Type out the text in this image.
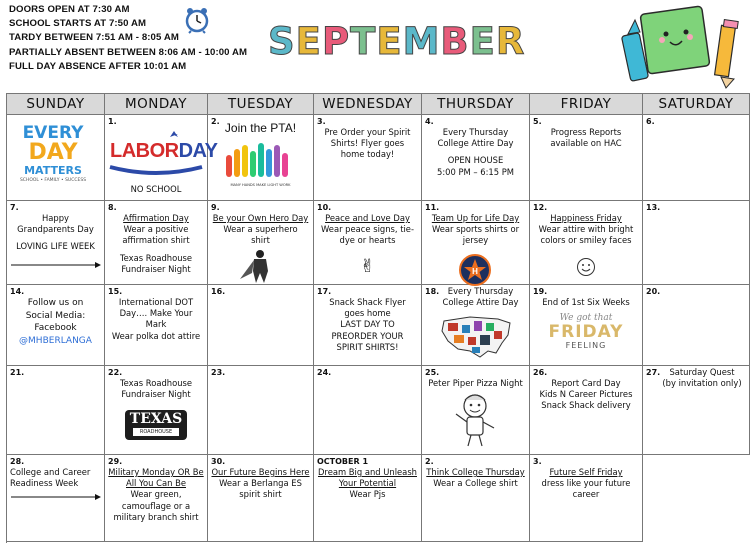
DOORS OPEN AT 7:30 AM
SCHOOL STARTS AT 7:50 AM
TARDY BETWEEN 7:51 AM - 8:05 AM
PARTIALLY ABSENT BETWEEN 8:06 AM - 10:00 AM
FULL DAY ABSENCE AFTER 10:01 AM
SEPTEMBER
SUNDAY	MONDAY	TUESDAY	WEDNESDAY	THURSDAY	FRIDAY	SATURDAY
EVERY
DAY
MATTERS
SCHOOL • FAMILY • SUCCESS
1.
LABORDAY
NO SCHOOL
2. Join the PTA!
MANY HANDS MAKE LIGHT WORK
3.
Pre Order your Spirit
Shirts! Flyer goes
home today!
4.
Every Thursday
College Attire Day
OPEN HOUSE
5:00 PM – 6:15 PM
5.
Progress Reports
available on HAC
6.
7.
Happy
Grandparents Day
LOVING LIFE WEEK
8.
Affirmation Day
Wear a positive
affirmation shirt
Texas Roadhouse
Fundraiser Night
9.
Be your Own Hero Day
Wear a superhero
shirt
10.
Peace and Love Day
Wear peace signs, tie-
dye or hearts
✌
11.
Team Up for Life Day
Wear sports shirts or
jersey
H
12.
Happiness Friday
Wear attire with bright
colors or smiley faces
13.
14.
Follow us on
Social Media:
Facebook
@MHBERLANGA
15.
International DOT
Day…. Make Your
Mark
Wear polka dot attire
16.	17.
Snack Shack Flyer
goes home
LAST DAY TO
PREORDER YOUR
SPIRIT SHIRTS!
18.	Every Thursday
College Attire Day
19.
End of 1st Six Weeks
We got that
FRIDAY
FEELING
20.
21.	22.
Texas Roadhouse
Fundraiser Night
TEXAS
ROADHOUSE
23.	24.	25.
Peter Piper Pizza Night
26.
Report Card Day
Kids N Career Pictures
Snack Shack delivery
27.	Saturday Quest
(by invitation only)
28.
College and Career
Readiness Week
29.
Military Monday OR Be All You Can Be
Wear green,
camouflage or a
military branch shirt
30.
Our Future Begins Here
Wear a Berlanga ES
spirit shirt
OCTOBER 1
Dream Big and Unleash Your Potential
Wear Pjs
2.
Think College Thursday
Wear a College shirt
3.
Future Self Friday
dress like your future
career
